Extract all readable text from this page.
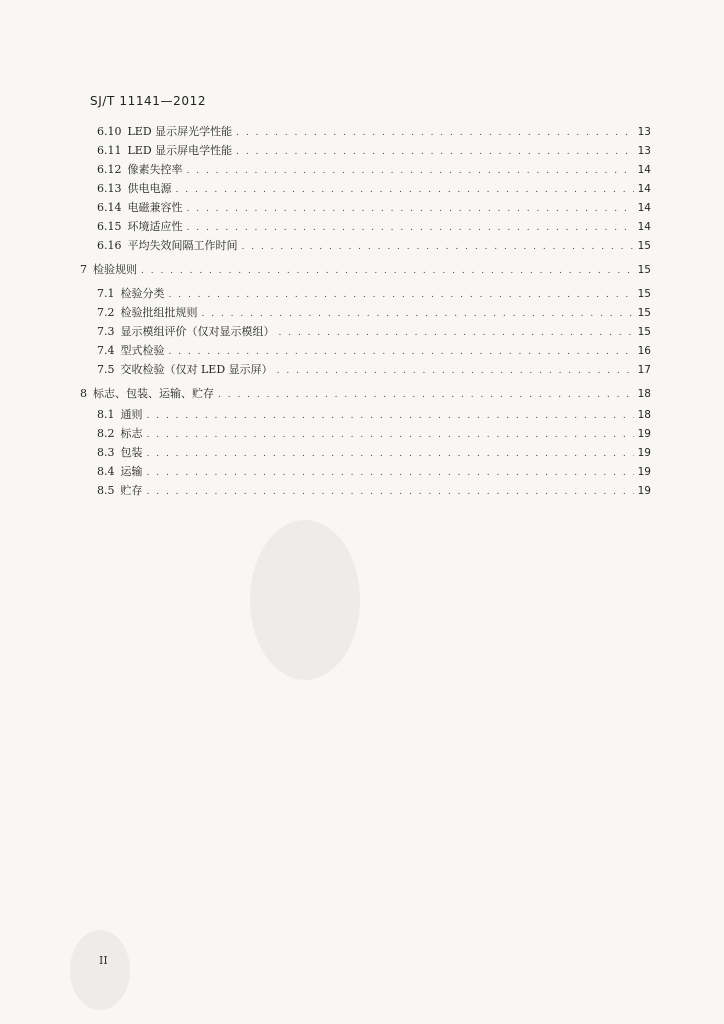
SJ/T 11141—2012
6.10 LED 显示屏光学性能 . . .	13
6.11 LED 显示屏电学性能 . . .	13
6.12 像素失控率 . . .	14
6.13 供电电源 . . .	14
6.14 电磁兼容性 . . .	14
6.15 环境适应性 . . .	14
6.16 平均失效间隔工作时间 . . .	15
7 检验规则 . . .	15
7.1 检验分类 . . .	15
7.2 检验批组批规则 . . .	15
7.3 显示模组评价（仅对显示模组） . . .	15
7.4 型式检验 . . .	16
7.5 交收检验（仅对 LED 显示屏） . . .	17
8 标志、包装、运输、贮存 . . .	18
8.1 通则 . . .	18
8.2 标志 . . .	19
8.3 包装 . . .	19
8.4 运输 . . .	19
8.5 贮存 . . .	19
II
